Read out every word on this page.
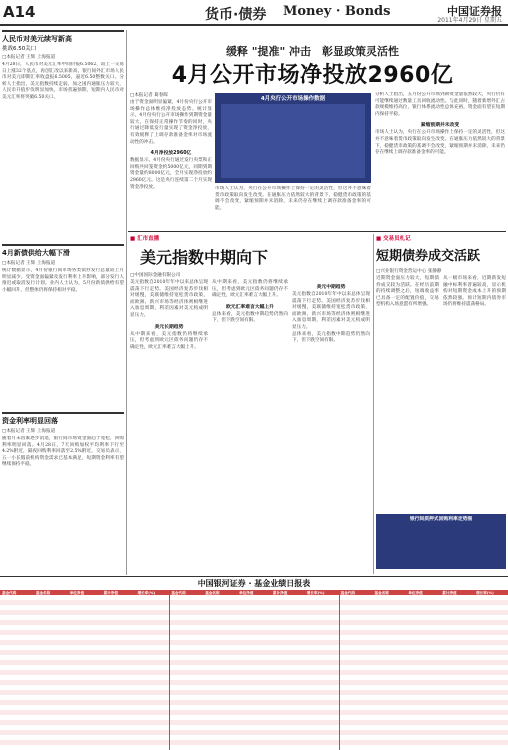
A14	货币·债券 Money · Bonds	中国证券报
2011年4月29日 星期五
人民币对美元续写新高
挑战6.50关口
□本报记者 王辉 上海报道
4月28日，人民币对美元汇率中间价报6.5062，较上一交易日上涨32个基点，再创汇改以来新高。银行间外汇市场人民币对美元即期汇率收盘报6.5005，逼近6.50整数关口。分析人士指出，美元指数持续走弱，加之国内通胀压力较大，人民币升值步伐明显加快。市场普遍预期，短期内人民币对美元汇率将突破6.50关口。
4月新债供给大幅下滑
□本报记者 王辉 上海报道
统计数据显示，4月份银行间市场各类债券发行总量较上月明显减少。受资金面偏紧及发行利率上升影响，部分发行人推迟或取消发行计划。业内人士认为，5月份新债供给有望小幅回升，但整体仍将保持相对平稳。
资金利率明显回落
□本报记者 王辉 上海报道
随着月末因素逐步消退，银行间市场资金面趋于宽松，回购利率明显回落。4月28日，7天回购加权平均利率下行至4.2%附近，隔夜回购利率回落至2.5%附近。交易员表示，五一小长假前机构资金需求已基本满足，短期资金利率有望继续保持平稳。
缓释 "提准" 冲击　彰显政策灵活性
4月公开市场净投放2960亿
□本报记者 葛春晖
由于资金面明显偏紧，4月份央行公开市场操作总体维持净投放态势。统计显示，4月份央行公开市场操作到期资金量较大，在保持正常操作节奏的同时，央行通过降低发行量实现了资金净投放，有效缓释了上调存款准备金率对市场流动性的冲击。
4月净投放2960亿
数据显示，4月份央行通过发行央票和正回购共回笼资金约5000亿元，同期到期资金量约8000亿元，全月实现净投放约2960亿元。这是央行连续第二个月实现资金净投放。
4月央行公开市场操作数据
市场人士认为，央行在公开市场操作上保持一定的灵活性，但这并不意味着货币政策取向发生改变。在通胀压力依然较大的背景下，稳健货币政策的基调不会改变，紧缩预期并未消除，未来仍存在继续上调存款准备金率的可能。
分析人士指出，五月份公开市场到期资金量依然较大，央行仍有可能继续通过数量工具回收流动性。与此同时，随着新增外汇占款规模维持高位，银行体系流动性总体充裕，资金面有望在短期内保持平稳。
紧缩预期并未改变
市场人士认为，央行在公开市场操作上保持一定的灵活性，但这并不意味着货币政策取向发生改变。在通胀压力依然较大的背景下，稳健货币政策的基调不会改变，紧缩预期并未消除，未来仍存在继续上调存款准备金率的可能。
■ 汇市直播
美元指数中期向下
□中国国际金融有限公司
美元指数自2010年年中以来总体呈现震荡下行走势。美国经济复苏步伐相对缓慢，美联储维持宽松货币政策，而欧洲、新兴市场等经济体则相继进入加息周期，利差因素对美元构成明显压力。
美元长期趋势
从中期来看，美元指数仍将继续承压，但考虑到欧元区债务问题仍存不确定性，欧元汇率难言大幅上升。
从中期来看，美元指数仍将继续承压，但考虑到欧元区债务问题仍存不确定性，欧元汇率难言大幅上升。
欧元汇率难言大幅上升
总体来看，美元指数中期趋势仍然向下，但下跌空间有限。
美元中期趋势
美元指数自2010年年中以来总体呈现震荡下行走势。美国经济复苏步伐相对缓慢，美联储维持宽松货币政策，而欧洲、新兴市场等经济体则相继进入加息周期，利差因素对美元构成明显压力。
总体来看，美元指数中期趋势仍然向下，但下跌空间有限。
■ 交易员札记
短期债券成交活跃
□兴业银行资金营运中心 张静静
近期资金面压力较大，短期债券成交较为活跃。在经历前期的持续调整之后，短端收益率已具备一定的配置价值，交易型机构入场意愿有所增强。
从一级市场来看，近期新发短融中标利率普遍较高，显示机构对短期资金成本上升的预期依然较强。预计短期内债券市场仍将维持震荡格局。
银行间质押式回购利率走势图
中国银河证券 · 基金业绩日报表
基金代码	基金名称	单位净值	累计净值	增长率(%)	基金代码	基金名称	单位净值	累计净值	增长率(%)	基金代码	基金名称	单位净值	累计净值	增长率(%)
